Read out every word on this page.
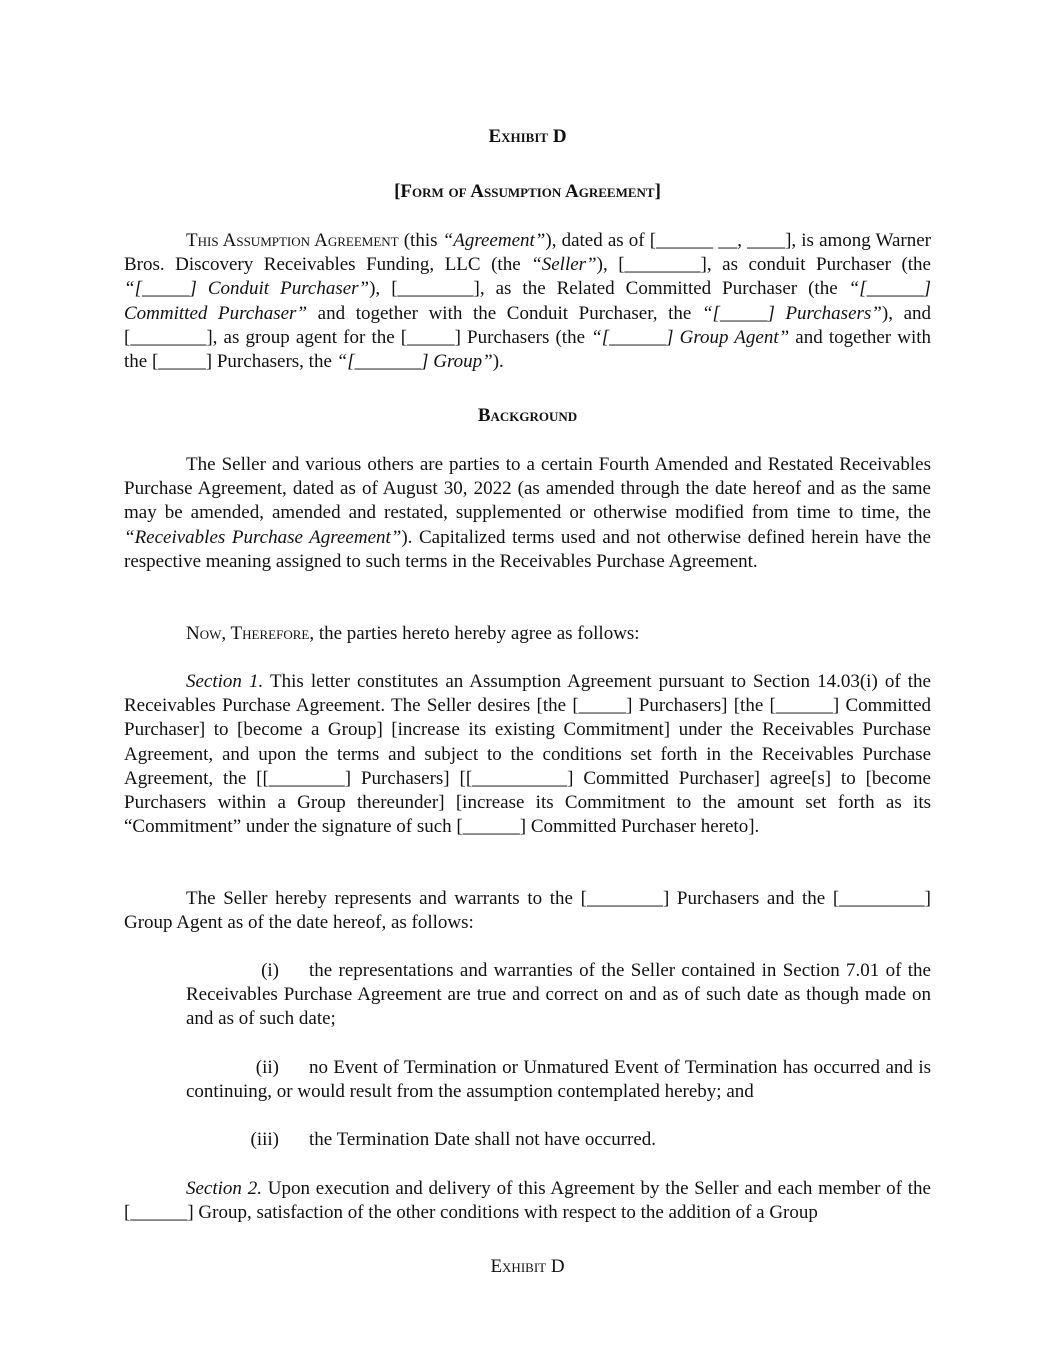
Exhibit D

[Form of Assumption Agreement]

This Assumption Agreement (this “Agreement”), dated as of [______ __, ____], is among Warner Bros. Discovery Receivables Funding, LLC (the “Seller”), [________], as conduit Purchaser (the “[_____] Conduit Purchaser”), [________], as the Related Committed Purchaser (the “[______] Committed Purchaser” and together with the Conduit Purchaser, the “[_____] Purchasers”), and [________], as group agent for the [_____] Purchasers (the “[______] Group Agent” and together with the [_____] Purchasers, the “[_______] Group”).

Background

The Seller and various others are parties to a certain Fourth Amended and Restated Receivables Purchase Agreement, dated as of August 30, 2022 (as amended through the date hereof and as the same may be amended, amended and restated, supplemented or otherwise modified from time to time, the “Receivables Purchase Agreement”). Capitalized terms used and not otherwise defined herein have the respective meaning assigned to such terms in the Receivables Purchase Agreement.

Now, Therefore, the parties hereto hereby agree as follows:

Section 1. This letter constitutes an Assumption Agreement pursuant to Section 14.03(i) of the Receivables Purchase Agreement. The Seller desires [the [_____] Purchasers] [the [______] Committed Purchaser] to [become a Group] [increase its existing Commitment] under the Receivables Purchase Agreement, and upon the terms and subject to the conditions set forth in the Receivables Purchase Agreement, the [[________] Purchasers] [[__________] Committed Purchaser] agree[s] to [become Purchasers within a Group thereunder] [increase its Commitment to the amount set forth as its “Commitment” under the signature of such [______] Committed Purchaser hereto].

The Seller hereby represents and warrants to the [________] Purchasers and the [_________] Group Agent as of the date hereof, as follows:

(i) the representations and warranties of the Seller contained in Section 7.01 of the Receivables Purchase Agreement are true and correct on and as of such date as though made on and as of such date;

(ii) no Event of Termination or Unmatured Event of Termination has occurred and is continuing, or would result from the assumption contemplated hereby; and

(iii) the Termination Date shall not have occurred.

Section 2. Upon execution and delivery of this Agreement by the Seller and each member of the [______] Group, satisfaction of the other conditions with respect to the addition of a Group

Exhibit D
